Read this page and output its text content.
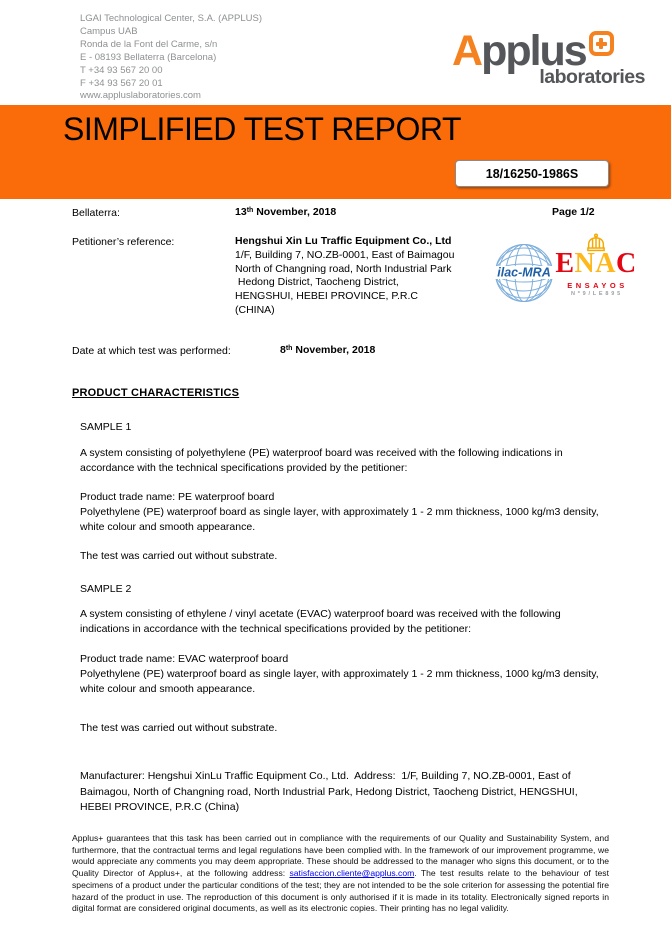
LGAI Technological Center, S.A. (APPLUS)
Campus UAB
Ronda de la Font del Carme, s/n
E - 08193 Bellaterra (Barcelona)
T +34 93 567 20 00
F +34 93 567 20 01
www.appluslaboratories.com
A pplus
laboratories
SIMPLIFIED TEST REPORT
18/16250-1986S
Bellaterra:	13th November, 2018	Page 1/2
Petitioner’s reference:	Hengshui Xin Lu Traffic Equipment Co., Ltd
1/F, Building 7, NO.ZB-0001, East of Baimagou
North of Changning road, North Industrial Park
Hedong District, Taocheng District,
HENGSHUI, HEBEI PROVINCE, P.R.C
(CHINA)
ilac-MRA ENAC
ENSAYOS
Nº9/LE895
Date at which test was performed:	8th November, 2018
PRODUCT CHARACTERISTICS
SAMPLE 1
A system consisting of polyethylene (PE) waterproof board was received with the following indications in accordance with the technical specifications provided by the petitioner:
Product trade name: PE waterproof board
Polyethylene (PE) waterproof board as single layer, with approximately 1 - 2 mm thickness, 1000 kg/m3 density, white colour and smooth appearance.
The test was carried out without substrate.
SAMPLE 2
A system consisting of ethylene / vinyl acetate (EVAC) waterproof board was received with the following indications in accordance with the technical specifications provided by the petitioner:
Product trade name: EVAC waterproof board
Polyethylene (PE) waterproof board as single layer, with approximately 1 - 2 mm thickness, 1000 kg/m3 density, white colour and smooth appearance.
The test was carried out without substrate.
Manufacturer: Hengshui XinLu Traffic Equipment Co., Ltd.  Address:  1/F, Building 7, NO.ZB-0001, East of Baimagou, North of Changning road, North Industrial Park, Hedong District, Taocheng District, HENGSHUI, HEBEI PROVINCE, P.R.C (China)
Applus+ guarantees that this task has been carried out in compliance with the requirements of our Quality and Sustainability System, and furthermore, that the contractual terms and legal regulations have been complied with. In the framework of our improvement programme, we would appreciate any comments you may deem appropriate. These should be addressed to the manager who signs this document, or to the Quality Director of Applus+, at the following address: satisfaccion.cliente@applus.com. The test results relate to the behaviour of test specimens of a product under the particular conditions of the test; they are not intended to be the sole criterion for assessing the potential fire hazard of the product in use. The reproduction of this document is only authorised if it is made in its totality. Electronically signed reports in digital format are considered original documents, as well as its electronic copies. Their printing has no legal validity.
